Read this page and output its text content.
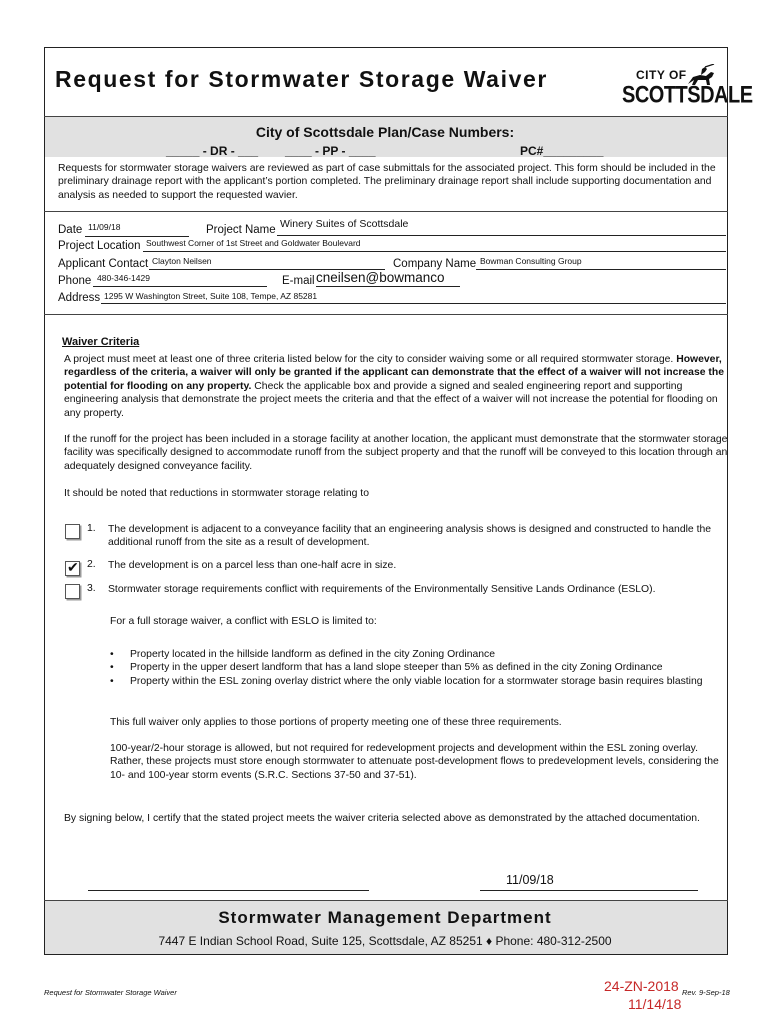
Request for Stormwater Storage Waiver	CITY OF
SCOTTSDALE
City of Scottsdale Plan/Case Numbers:
_____ - DR - ___ ____ - PP - ____	PC#_________
Requests for stormwater storage waivers are reviewed as part of case submittals for the associated project. This form should be included in the preliminary drainage report with the applicant’s portion completed. The preliminary drainage report shall include supporting documentation and analysis as needed to support the requested wavier.
Date 11/09/18	Project Name Winery Suites of Scottsdale
Project Location Southwest Corner of 1st Street and Goldwater Boulevard
Applicant Contact Clayton Neilsen	Company Name Bowman Consulting Group
Phone 480-346-1429	E-mail cneilsen@bowmanco
Address 1295 W Washington Street, Suite 108, Tempe, AZ 85281
Waiver Criteria
A project must meet at least one of three criteria listed below for the city to consider waiving some or all required stormwater storage. However, regardless of the criteria, a waiver will only be granted if the applicant can demonstrate that the effect of a waiver will not increase the potential for flooding on any property. Check the applicable box and provide a signed and sealed engineering report and supporting engineering analysis that demonstrate the project meets the criteria and that the effect of a waiver will not increase the potential for flooding on any property.
If the runoff for the project has been included in a storage facility at another location, the applicant must demonstrate that the stormwater storage facility was specifically designed to accommodate runoff from the subject property and that the runoff will be conveyed to this location through an adequately designed conveyance facility.
It should be noted that reductions in stormwater storage relating to
1. The development is adjacent to a conveyance facility that an engineering analysis shows is designed and constructed to handle the additional runoff from the site as a result of development.
✔ 2. The development is on a parcel less than one-half acre in size.
3. Stormwater storage requirements conflict with requirements of the Environmentally Sensitive Lands Ordinance (ESLO).
For a full storage waiver, a conflict with ESLO is limited to:
• Property located in the hillside landform as defined in the city Zoning Ordinance
• Property in the upper desert landform that has a land slope steeper than 5% as defined in the city Zoning Ordinance
• Property within the ESL zoning overlay district where the only viable location for a stormwater storage basin requires blasting
This full waiver only applies to those portions of property meeting one of these three requirements.
100-year/2-hour storage is allowed, but not required for redevelopment projects and development within the ESL zoning overlay. Rather, these projects must store enough stormwater to attenuate post-development flows to predevelopment levels, considering the 10- and 100-year storm events (S.R.C. Sections 37-50 and 37-51).
By signing below, I certify that the stated project meets the waiver criteria selected above as demonstrated by the attached documentation.
11/09/18
Stormwater Management Department
7447 E Indian School Road, Suite 125, Scottsdale, AZ 85251 ♦ Phone: 480-312-2500
Request for Stormwater Storage Waiver	24-ZN-2018 Rev. 9-Sep-18
11/14/18
